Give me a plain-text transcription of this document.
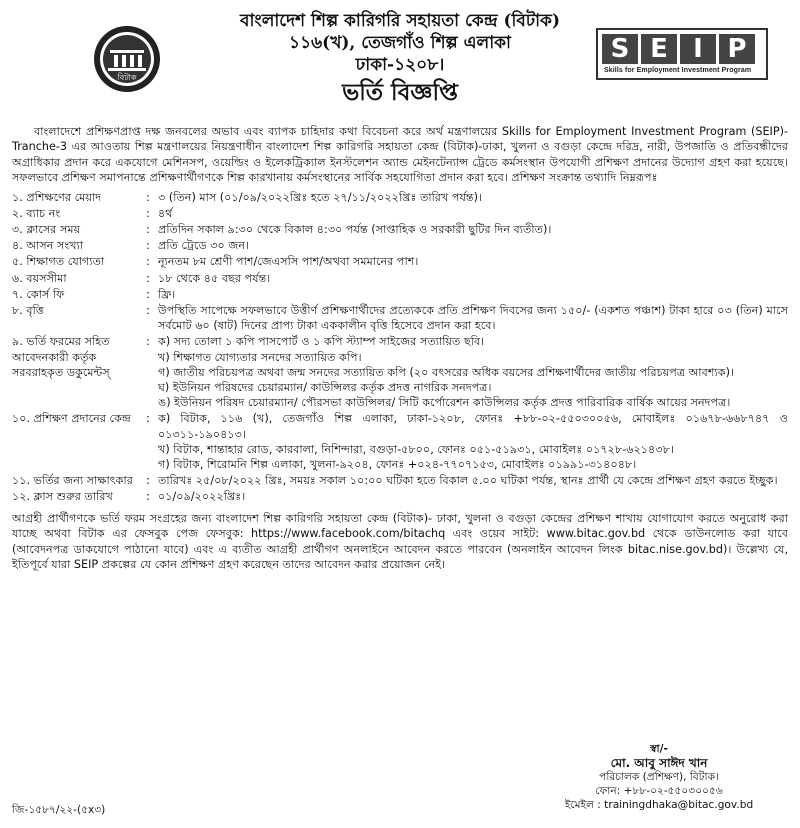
বিটাক
বাংলাদেশ শিল্প কারিগরি সহায়তা কেন্দ্র (বিটাক)
১১৬(খ), তেজগাঁও শিল্প এলাকা
ঢাকা-১২০৮।
ভর্তি বিজ্ঞপ্তি
S E I P
Skills for Employment Investment Program

বাংলাদেশে প্রশিক্ষণপ্রাপ্ত দক্ষ জনবলের অভাব এবং ব্যাপক চাহিদার কথা বিবেচনা করে অর্থ মন্ত্রণালয়ের Skills for Employment Investment Program (SEIP)-Tranche-3 এর আওতায় শিল্প মন্ত্রণালয়ের নিয়ন্ত্রণাধীন বাংলাদেশ শিল্প কারিগরি সহায়তা কেন্দ্র (বিটাক)-ঢাকা, খুলনা ও বগুড়া কেন্দ্রে দরিদ্র, নারী, উপজাতি ও প্রতিবন্ধীদের অগ্রাধিকার প্রদান করে একযোগে মেশিনসপ, ওয়েল্ডিং ও ইলেকট্রিক্যাল ইনস্টলেশন অ্যান্ড মেইনটেন্যান্স ট্রেডে কর্মসংস্থান উপযোগী প্রশিক্ষণ প্রদানের উদ্যোগ গ্রহণ করা হয়েছে। সফলভাবে প্রশিক্ষণ সমাপনান্তে প্রশিক্ষণার্থীগণকে শিল্প কারখানায় কর্মসংস্থানের সার্বিক সহযোগিতা প্রদান করা হবে। প্রশিক্ষণ সংক্রান্ত তথ্যাদি নিম্নরূপঃ

১. প্রশিক্ষণের মেয়াদ	:	৩ (তিন) মাস (০১/০৯/২০২২খ্রিঃ হতে ২৭/১১/২০২২খ্রিঃ তারিখ পর্যন্ত)।

২. ব্যাচ নং	:	৪র্থ

৩. ক্লাসের সময়	:	প্রতিদিন সকাল ৯:৩০ থেকে বিকাল ৪:৩০ পর্যন্ত (সাপ্তাহিক ও সরকারী ছুটির দিন ব্যতীত)।

৪. আসন সংখ্যা	:	প্রতি ট্রেডে ৩০ জন।

৫. শিক্ষাগত যোগ্যতা	:	ন্যূনতম ৮ম শ্রেণী পাশ/জেএসসি পাশ/অথবা সমমানের পাশ।

৬. বয়সসীমা	:	১৮ থেকে ৪৫ বছর পর্যন্ত।

৭. কোর্স ফি	:	ফ্রি।

৮. বৃত্তি	:	উপস্থিতি সাপেক্ষে সফলভাবে উত্তীর্ণ প্রশিক্ষণার্থীদের প্রত্যেককে প্রতি প্রশিক্ষণ দিবসের জন্য ১৫০/- (একশত পঞ্চাশ) টাকা হারে ০৩ (তিন) মাসে সর্বমোট ৬০ (ষাট) দিনের প্রাপ্য টাকা এককালীন বৃত্তি হিসেবে প্রদান করা হবে।

৯. ভর্তি ফরমের সহিত আবেদনকারী কর্তৃক সরবরাহকৃত ডকুমেন্টস্	:	ক) সদ্য তোলা ১ কপি পাসপোর্ট ও ১ কপি স্ট্যাম্প সাইজের সত্যায়িত ছবি।
খ) শিক্ষাগত যোগ্যতার সনদের সত্যায়িত কপি।
গ) জাতীয় পরিচয়পত্র অথবা জন্ম সনদের সত্যায়িত কপি (২০ বৎসরের অধিক বয়সের প্রশিক্ষণার্থীদের জাতীয় পরিচয়পত্র আবশ্যক)।
ঘ) ইউনিয়ন পরিষদের চেয়ারম্যান/ কাউন্সিলর কর্তৃক প্রদত্ত নাগরিক সনদপত্র।
ঙ) ইউনিয়ন পরিষদ চেয়ারম্যান/ পৌরসভা কাউন্সিলর/ সিটি কর্পোরেশন কাউন্সিলর কর্তৃক প্রদত্ত পারিবারিক বার্ষিক আয়ের সনদপত্র।

১০. প্রশিক্ষণ প্রদানের কেন্দ্র	:	ক) বিটাক, ১১৬ (খ), তেজগাঁও শিল্প এলাকা, ঢাকা-১২০৮, ফোনঃ +৮৮-০২-৫৫০৩০০৫৬, মোবাইলঃ ০১৬৭৮-৬৬৮৭৪৭ ও ০১৩১১-১৯০৪১৩।
খ) বিটাক, শান্তাহার রোড, কারবালা, নিশিন্দারা, বগুড়া-৫৮০০, ফোনঃ ০৫১-৫১৯৩১, মোবাইলঃ ০১৭২৮-৬২১৪৩৮।
গ) বিটাক, শিরোমনি শিল্প এলাকা, খুলনা-৯২০৪, ফোনঃ +০২৪-৭৭০৭১৫৩, মোবাইলঃ ০১৯৯১-৩১৪০৪৮।

১১. ভর্তির জন্য সাক্ষাৎকার	:	তারিখঃ ২৫/০৮/২০২২ খ্রিঃ, সময়ঃ সকাল ১০:০০ ঘটিকা হতে বিকাল ৫.০০ ঘটিকা পর্যন্ত, স্থানঃ প্রার্থী যে কেন্দ্রে প্রশিক্ষণ গ্রহণ করতে ইচ্ছুক।

১২. ক্লাস শুরুর তারিখ	:	০১/০৯/২০২২খ্রিঃ।

আগ্রহী প্রার্থীগণকে ভর্তি ফরম সংগ্রহের জন্য বাংলাদেশ শিল্প কারিগরি সহায়তা কেন্দ্র (বিটাক)- ঢাকা, খুলনা ও বগুড়া কেন্দ্রের প্রশিক্ষণ শাখায় যোগাযোগ করতে অনুরোধ করা যাচ্ছে অথবা বিটাক এর ফেসবুক পেজ ফেসবুক: https://www.facebook.com/bitachq এবং ওয়েব সাইট: www.bitac.gov.bd থেকে ডাউনলোড করা যাবে (আবেদনপত্র ডাকযোগে পাঠানো যাবে) এবং এ ব্যতীত আগ্রহী প্রার্থীগণ অনলাইনে আবেদন করতে পারবেন (অনলাইন আবেদন লিংক bitac.nise.gov.bd)। উল্লেখ্য যে, ইতিপূর্বে যারা SEIP প্রকল্পের যে কোন প্রশিক্ষণ গ্রহণ করেছেন তাদের আবেদন করার প্রয়োজন নেই।

স্বা/-
মো. আবু সাঈদ খান
পরিচালক (প্রশিক্ষণ), বিটাক।
ফোন: +৮৮-০২-৫৫০৩০০৫৬
ইমেইল : trainingdhaka@bitac.gov.bd
জি-১৫৮৭/২২-(৫x৩)
